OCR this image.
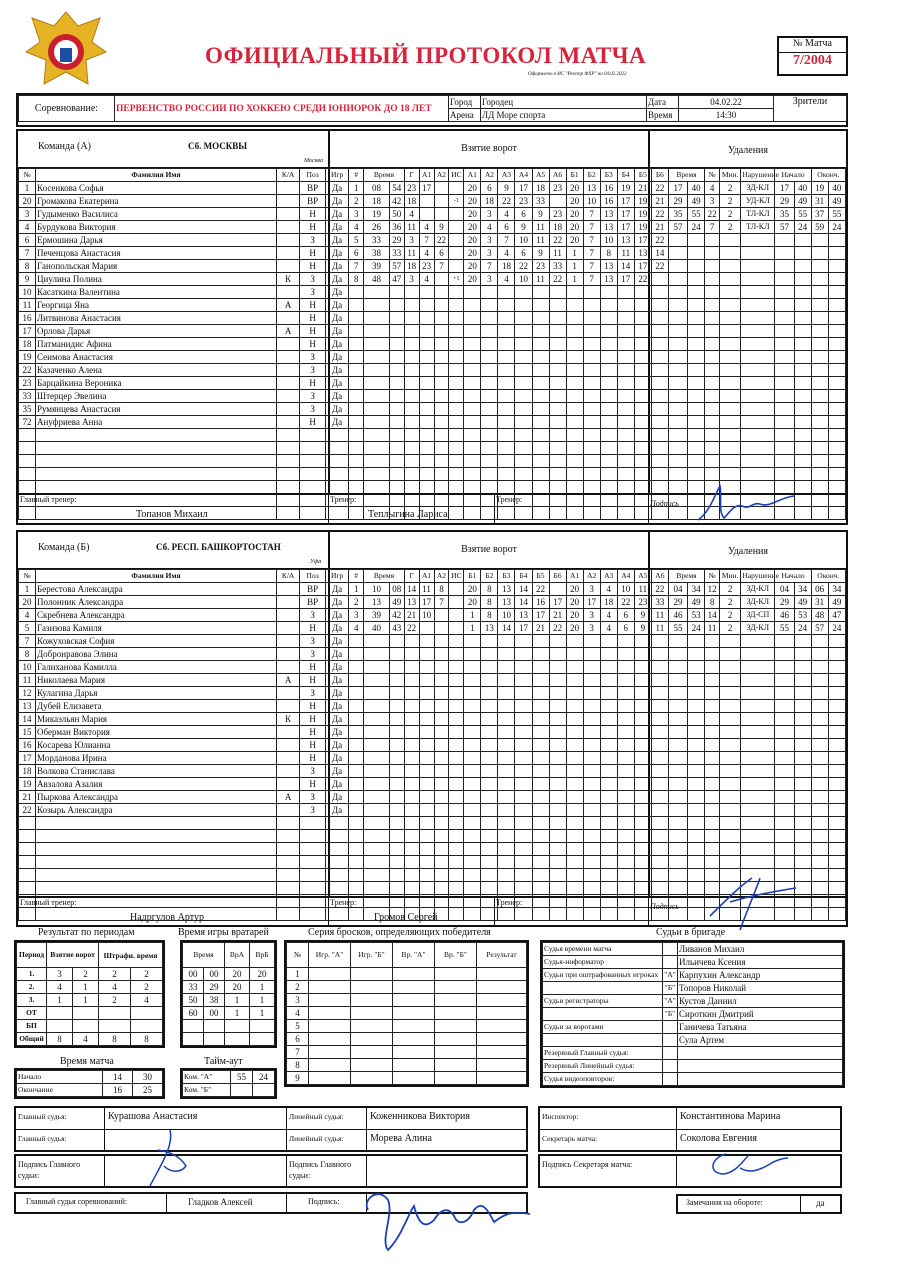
ОФИЦИАЛЬНЫЙ ПРОТОКОЛ МАТЧА
Оформлено в ИС "Реестр ФХР" на 04.02.2022
№ Матча
7/2004
Соревнование:	ПЕРВЕНСТВО РОССИИ ПО ХОККЕЮ СРЕДИ ЮНИОРОК ДО 18 ЛЕТ	Город	Городец	Дата	04.02.22	Зрители
		Арена	ЛД Море спорта	Время	14:30	
Команда (А)	Сб. МОСКВЫ
Москва
Взятие ворот	Удаления
№	Фамилия Имя	К/А	Поз	Игр	#	Время		Г	А1	А2	ИС	А1	А2	А3	А4	А5	А6	Б1	Б2	Б3	Б4	Б5	Б6	Время		№	Мин.	Нарушение	Начало		Оконч.	
1	Косенкова Софья		ВР	Да	1	08	54	23	17			20	6	9	17	18	23	20	13	16	19	21	22	17	40	4	2	ЗД-КЛ	17	40	19	40
20	Громакова Екатерина		ВР	Да	2	18	42	18			-1	20	18	22	23	33		20	10	16	17	19	21	29	49	3	2	УД-КЛ	29	49	31	49
3	Гудыменко Василиса		Н	Да	3	19	50	4				20	3	4	6	9	23	20	7	13	17	19	22	35	55	22	2	ТЛ-КЛ	35	55	37	55
4	Бурдукова Виктория		Н	Да	4	26	36	11	4	9		20	4	6	9	11	18	20	7	13	17	19	21	57	24	7	2	ТЛ-КЛ	57	24	59	24
6	Ермошина Дарья		З	Да	5	33	29	3	7	22		20	3	7	10	11	22	20	7	10	13	17	22									
7	Печенцова Анастасия		Н	Да	6	38	33	11	4	6		20	3	4	6	9	11	1	7	8	11	13	14									
8	Ганопольская Мария		Н	Да	7	39	57	18	23	7		20	7	18	22	23	33	1	7	13	14	17	22									
9	Циулина Полина	К	З	Да	8	48	47	3	4		+1	20	3	4	10	11	22	1	7	13	17	22										
10	Касаткина Валентина		З	Да																												
11	Георгица Яна	А	Н	Да																												
16	Литвинова Анастасия		Н	Да																												
17	Орлова Дарья	А	Н	Да																												
18	Патманидис Афина		Н	Да																												
19	Сеимова Анастасия		З	Да																												
22	Казаченко Алена		З	Да																												
23	Барцайкина Вероника		Н	Да																												
33	Штерцер Эвелина		З	Да																												
35	Румянцева Анастасия		З	Да																												
72	Ануфриева Анна		Н	Да																												

Главный тренер:
Топанов Михаил
Тренер:
Теплыгина Лариса
Тренер:	Подпись
Команда (Б)	Сб. РЕСП. БАШКОРТОСТАН
Уфа
Взятие ворот	Удаления
№	Фамилия Имя	К/А	Поз	Игр	#	Время		Г	А1	А2	ИС	Б1	Б2	Б3	Б4	Б5	Б6	А1	А2	А3	А4	А5	А6	Время		№	Мин.	Нарушение	Начало		Оконч.	
1	Берестова Александра		ВР	Да	1	10	08	14	11	8		20	8	13	14	22		20	3	4	10	11	22	04	34	12	2	ЗД-КЛ	04	34	06	34
20	Полонник Александра		ВР	Да	2	13	49	13	17	7		20	8	13	14	16	17	20	17	18	22	23	33	29	49	8	2	ЗД-КЛ	29	49	31	49
4	Скребнева Александра		З	Да	3	39	42	21	10			1	8	10	13	17	21	20	3	4	6	9	11	46	53	14	2	ЗД-СП	46	53	48	47
5	Газизова Камиля		Н	Да	4	40	43	22				1	13	14	17	21	22	20	3	4	6	9	11	55	24	11	2	ЗД-КЛ	55	24	57	24
7	Кожуховская София		З	Да																												
8	Добронравова Элина		З	Да																												
10	Галиханова Камилла		Н	Да																												
11	Николаева Мария	А	Н	Да																												
12	Кулагина Дарья		З	Да																												
13	Дубей Елизавета		Н	Да																												
14	Микаэльян Мария	К	Н	Да																												
15	Оберман Виктория		Н	Да																												
16	Косарева Юлианна		Н	Да																												
17	Морданова Ирина		Н	Да																												
18	Волкова Станислава		З	Да																												
19	Авзалова Азалия		Н	Да																												
21	Пыркова Александра	А	З	Да																												
22	Козырь Александра		З	Да																												

Главный тренер:
Надргулов Артур
Тренер:
Громов Сергей
Тренер:	Подпись
Результат по периодам	Время игры вратарей	Серия бросков, определяющих победителя	Судьи в бригаде
Период	Взятие ворот		Штрафн. время	
1.	3	2	2	2
2.	4	1	4	2
3.	1	1	2	4
ОТ				
БП				
Общий	8	4	8	8
Время		ВрА	ВрБ
00	00	20	20
33	29	20	1
50	38	1	1
60	00	1	1

№	Игр. "А"	Игр. "Б"	Вр. "А"	Вр. "Б"	Результат
1					
2					
3					
4					
5					
6					
7					
8					
9					
Время матча
Начало	14	30
Окончание	16	25
Тайм-аут
Ком. "А"	55	24
Ком. "Б"		
Судья времени матча		Ливанов Михаил
Судья-информатор		Ильичева Ксения
Судьи при оштрафованных игроках	"А"	Карпухин Александр
	"Б"	Топоров Николай
Судьи регистраторы	"А"	Кустов Даниил
	"Б"	Сироткин Дмитрий
Судьи за воротами		Ганичева Татьяна
		Сула Артем
Резервный Главный судья:		
Резервный Линейный судья:		
Судья видеоповторов:		
Главный судья:	Курашова Анастасия
Главный судья:
Линейный судья:	Коженникова Виктория
Линейный судья:	Морева Алина
Инспектор:	Константинова Марина
Секретарь матча:	Соколова Евгения
Подпись Главного судьи:
Подпись Главного судьи:
Подпись Секретаря матча:
Главный судья соревнований:	Гладков Алексей	Подпись:	Замечания на обороте:	да
